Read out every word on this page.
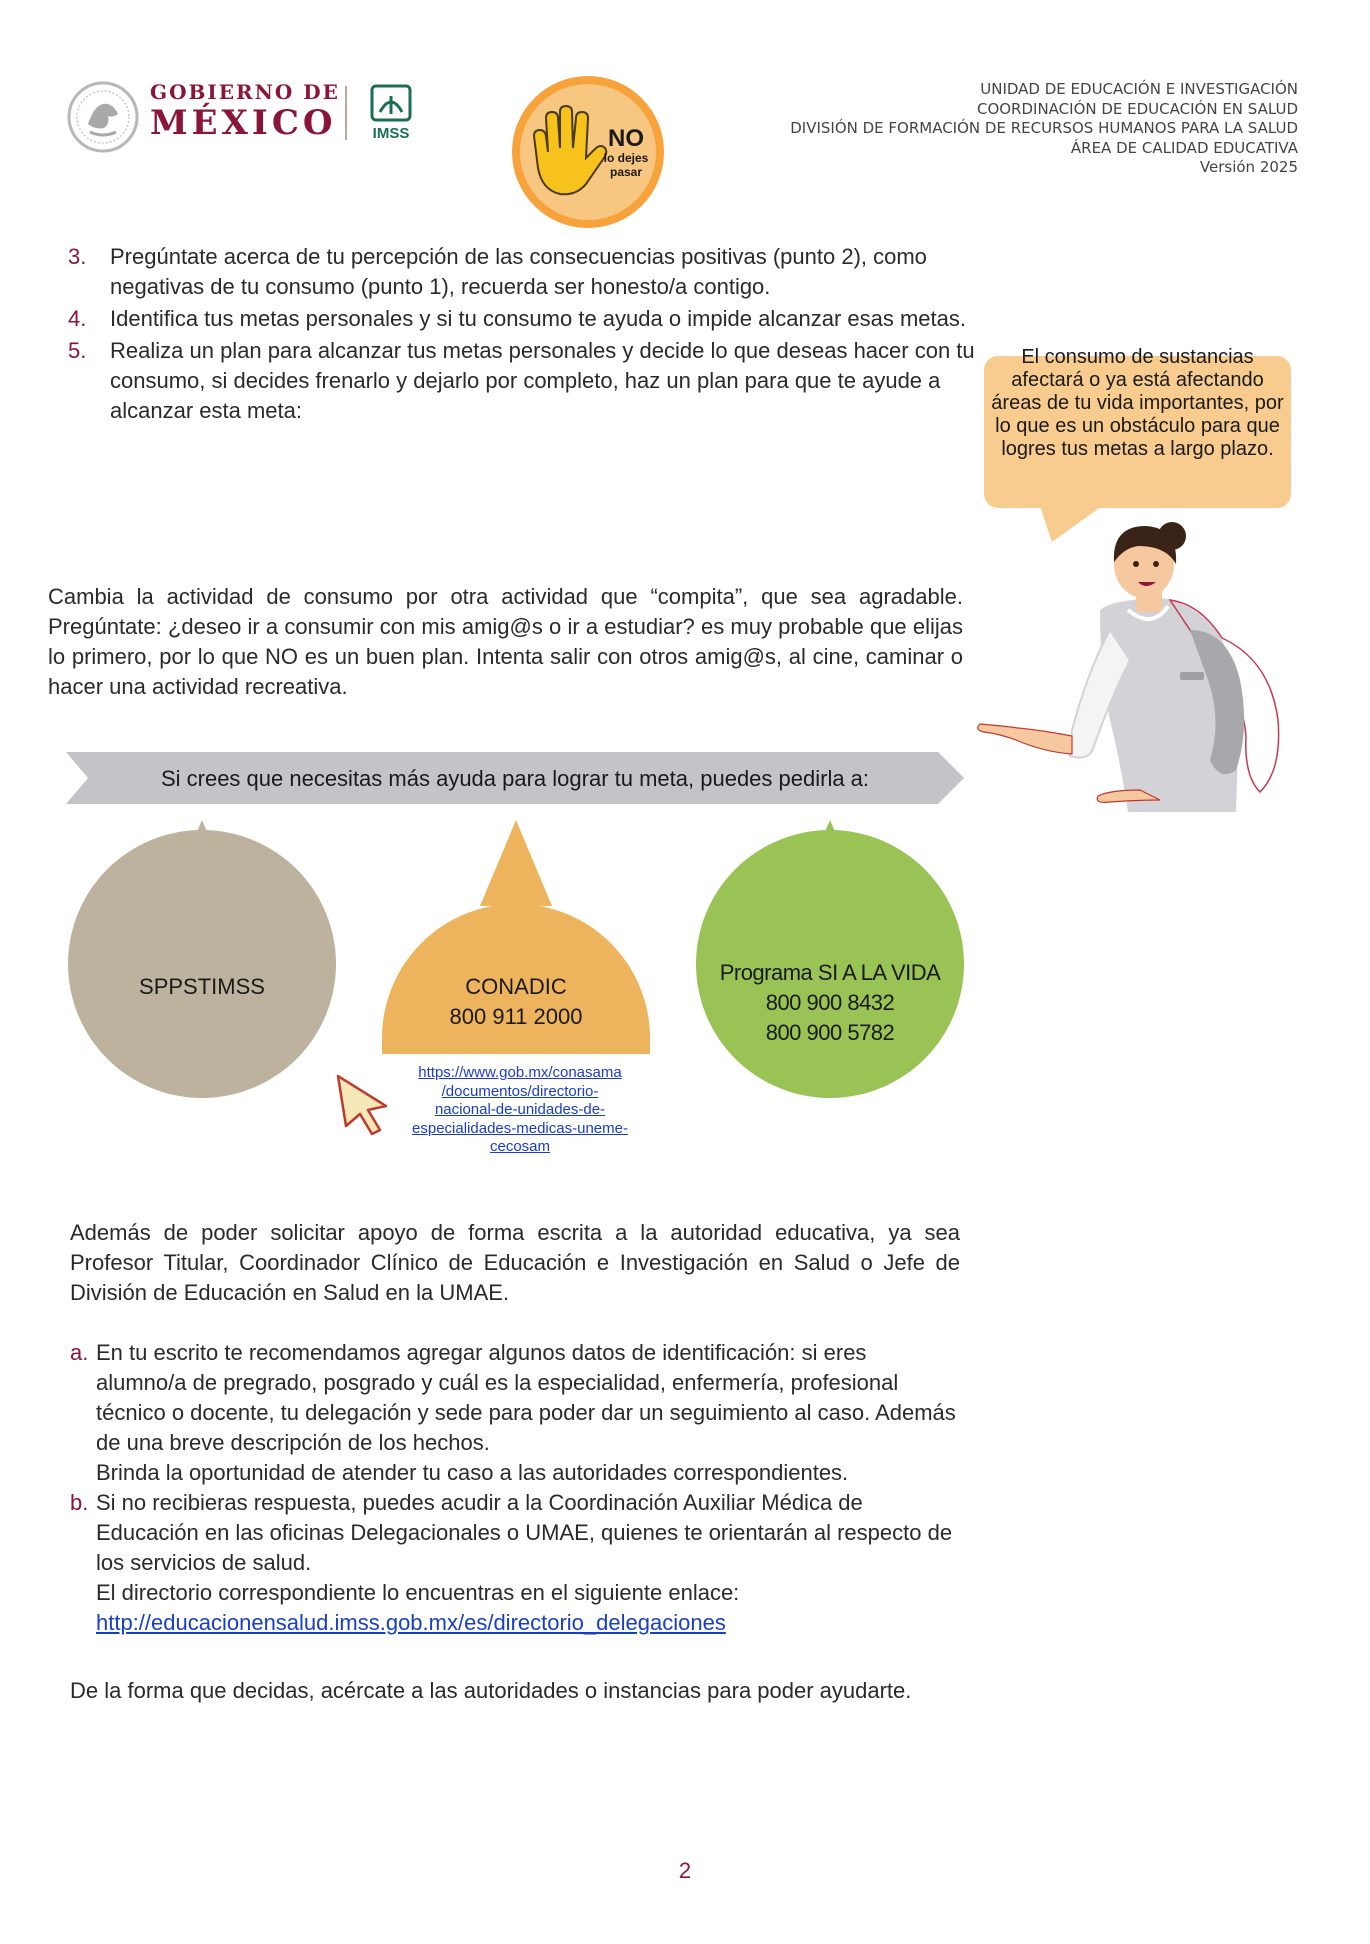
GOBIERNO DE
MÉXICO IMSS	NO
lo dejes
pasar
UNIDAD DE EDUCACIÓN E INVESTIGACIÓN
COORDINACIÓN DE EDUCACIÓN EN SALUD
DIVISIÓN DE FORMACIÓN DE RECURSOS HUMANOS PARA LA SALUD
ÁREA DE CALIDAD EDUCATIVA
Versión 2025
3.	Pregúntate acerca de tu percepción de las consecuencias positivas (punto 2), como negativas de tu consumo (punto 1), recuerda ser honesto/a contigo.
4.	Identifica tus metas personales y si tu consumo te ayuda o impide alcanzar esas metas.
5.	Realiza un plan para alcanzar tus metas personales y decide lo que deseas hacer con tu consumo, si decides frenarlo y dejarlo por completo, haz un plan para que te ayude a alcanzar esta meta:
El consumo de sustancias afectará o ya está afectando áreas de tu vida importantes, por lo que es un obstáculo para que logres tus metas a largo plazo.
Cambia la actividad de consumo por otra actividad que “compita”, que sea agradable. Pregúntate: ¿deseo ir a consumir con mis amig@s o ir a estudiar? es muy probable que elijas lo primero, por lo que NO es un buen plan. Intenta salir con otros amig@s, al cine, caminar o hacer una actividad recreativa.
Si crees que necesitas más ayuda para lograr tu meta, puedes pedirla a:
SPPSTIMSS	CONADIC
800 911 2000
Programa SI A LA VIDA
800 900 8432
800 900 5782
https://www.gob.mx/conasama
/documentos/directorio-
nacional-de-unidades-de-
especialidades-medicas-uneme-
cecosam
Además de poder solicitar apoyo de forma escrita a la autoridad educativa, ya sea Profesor Titular, Coordinador Clínico de Educación e Investigación en Salud o Jefe de División de Educación en Salud en la UMAE.
a. En tu escrito te recomendamos agregar algunos datos de identificación: si eres alumno/a de pregrado, posgrado y cuál es la especialidad, enfermería, profesional técnico o docente, tu delegación y sede para poder dar un seguimiento al caso. Además de una breve descripción de los hechos.
Brinda la oportunidad de atender tu caso a las autoridades correspondientes.
b. Si no recibieras respuesta, puedes acudir a la Coordinación Auxiliar Médica de Educación en las oficinas Delegacionales o UMAE, quienes te orientarán al respecto de los servicios de salud.
El directorio correspondiente lo encuentras en el siguiente enlace:
http://educacionensalud.imss.gob.mx/es/directorio_delegaciones
De la forma que decidas, acércate a las autoridades o instancias para poder ayudarte.
2
